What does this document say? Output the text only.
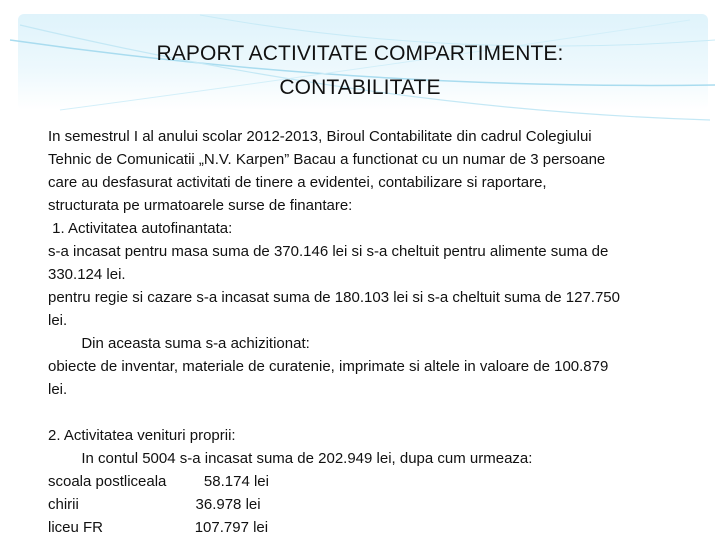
RAPORT ACTIVITATE COMPARTIMENTE:
CONTABILITATE
In semestrul I al anului scolar 2012-2013, Biroul Contabilitate din cadrul Colegiului
Tehnic de Comunicatii „N.V. Karpen” Bacau a functionat cu un numar de 3 persoane
care au desfasurat activitati de tinere a evidentei, contabilizare si raportare,
structurata pe urmatoarele surse de finantare:
1. Activitatea autofinantata:
s-a incasat pentru masa suma de 370.146 lei si s-a cheltuit pentru alimente suma de
330.124 lei.
pentru regie si cazare s-a incasat suma de 180.103 lei si s-a cheltuit suma de 127.750
lei.
Din aceasta suma s-a achizitionat:
obiecte de inventar, materiale de curatenie, imprimate si altele in valoare de 100.879
lei.
2. Activitatea venituri proprii:
In contul 5004 s-a incasat suma de 202.949 lei, dupa cum urmeaza:
scoala postliceala         58.174 lei
chirii                            36.978 lei
liceu FR                      107.797 lei
